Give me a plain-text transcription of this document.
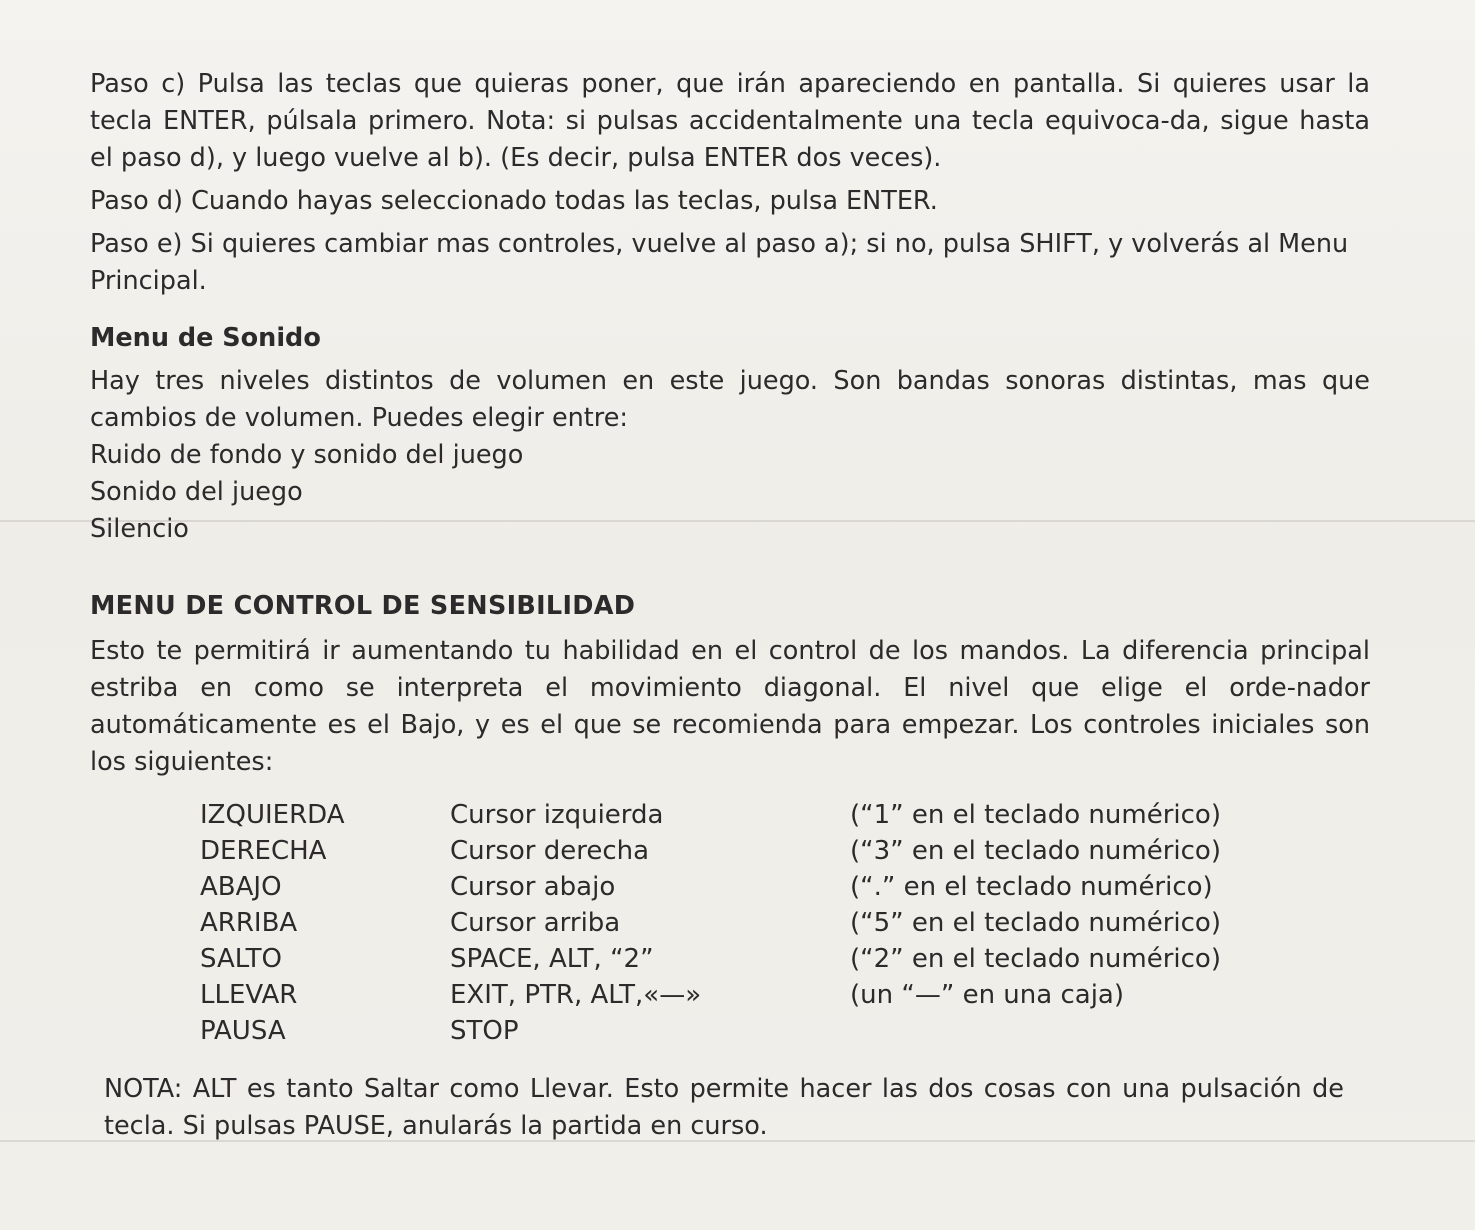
Paso c) Pulsa las teclas que quieras poner, que irán apareciendo en pantalla. Si quieres usar la tecla ENTER, púlsala primero. Nota: si pulsas accidentalmente una tecla equivoca-da, sigue hasta el paso d), y luego vuelve al b). (Es decir, pulsa ENTER dos veces).

Paso d) Cuando hayas seleccionado todas las teclas, pulsa ENTER.

Paso e) Si quieres cambiar mas controles, vuelve al paso a); si no, pulsa SHIFT, y volverás al Menu Principal.

Menu de Sonido

Hay tres niveles distintos de volumen en este juego. Son bandas sonoras distintas, mas que cambios de volumen. Puedes elegir entre:

Ruido de fondo y sonido del juego

Sonido del juego

Silencio

MENU DE CONTROL DE SENSIBILIDAD

Esto te permitirá ir aumentando tu habilidad en el control de los mandos. La diferencia principal estriba en como se interpreta el movimiento diagonal. El nivel que elige el orde-nador automáticamente es el Bajo, y es el que se recomienda para empezar. Los controles iniciales son los siguientes:

IZQUIERDA	Cursor izquierda	(“1” en el teclado numérico)
DERECHA	Cursor derecha	(“3” en el teclado numérico)
ABAJO	Cursor abajo	(“.” en el teclado numérico)
ARRIBA	Cursor arriba	(“5” en el teclado numérico)
SALTO	SPACE, ALT, “2”	(“2” en el teclado numérico)
LLEVAR	EXIT, PTR, ALT,«—»	(un “—” en una caja)
PAUSA	STOP	

NOTA: ALT es tanto Saltar como Llevar. Esto permite hacer las dos cosas con una pulsación de tecla. Si pulsas PAUSE, anularás la partida en curso.
